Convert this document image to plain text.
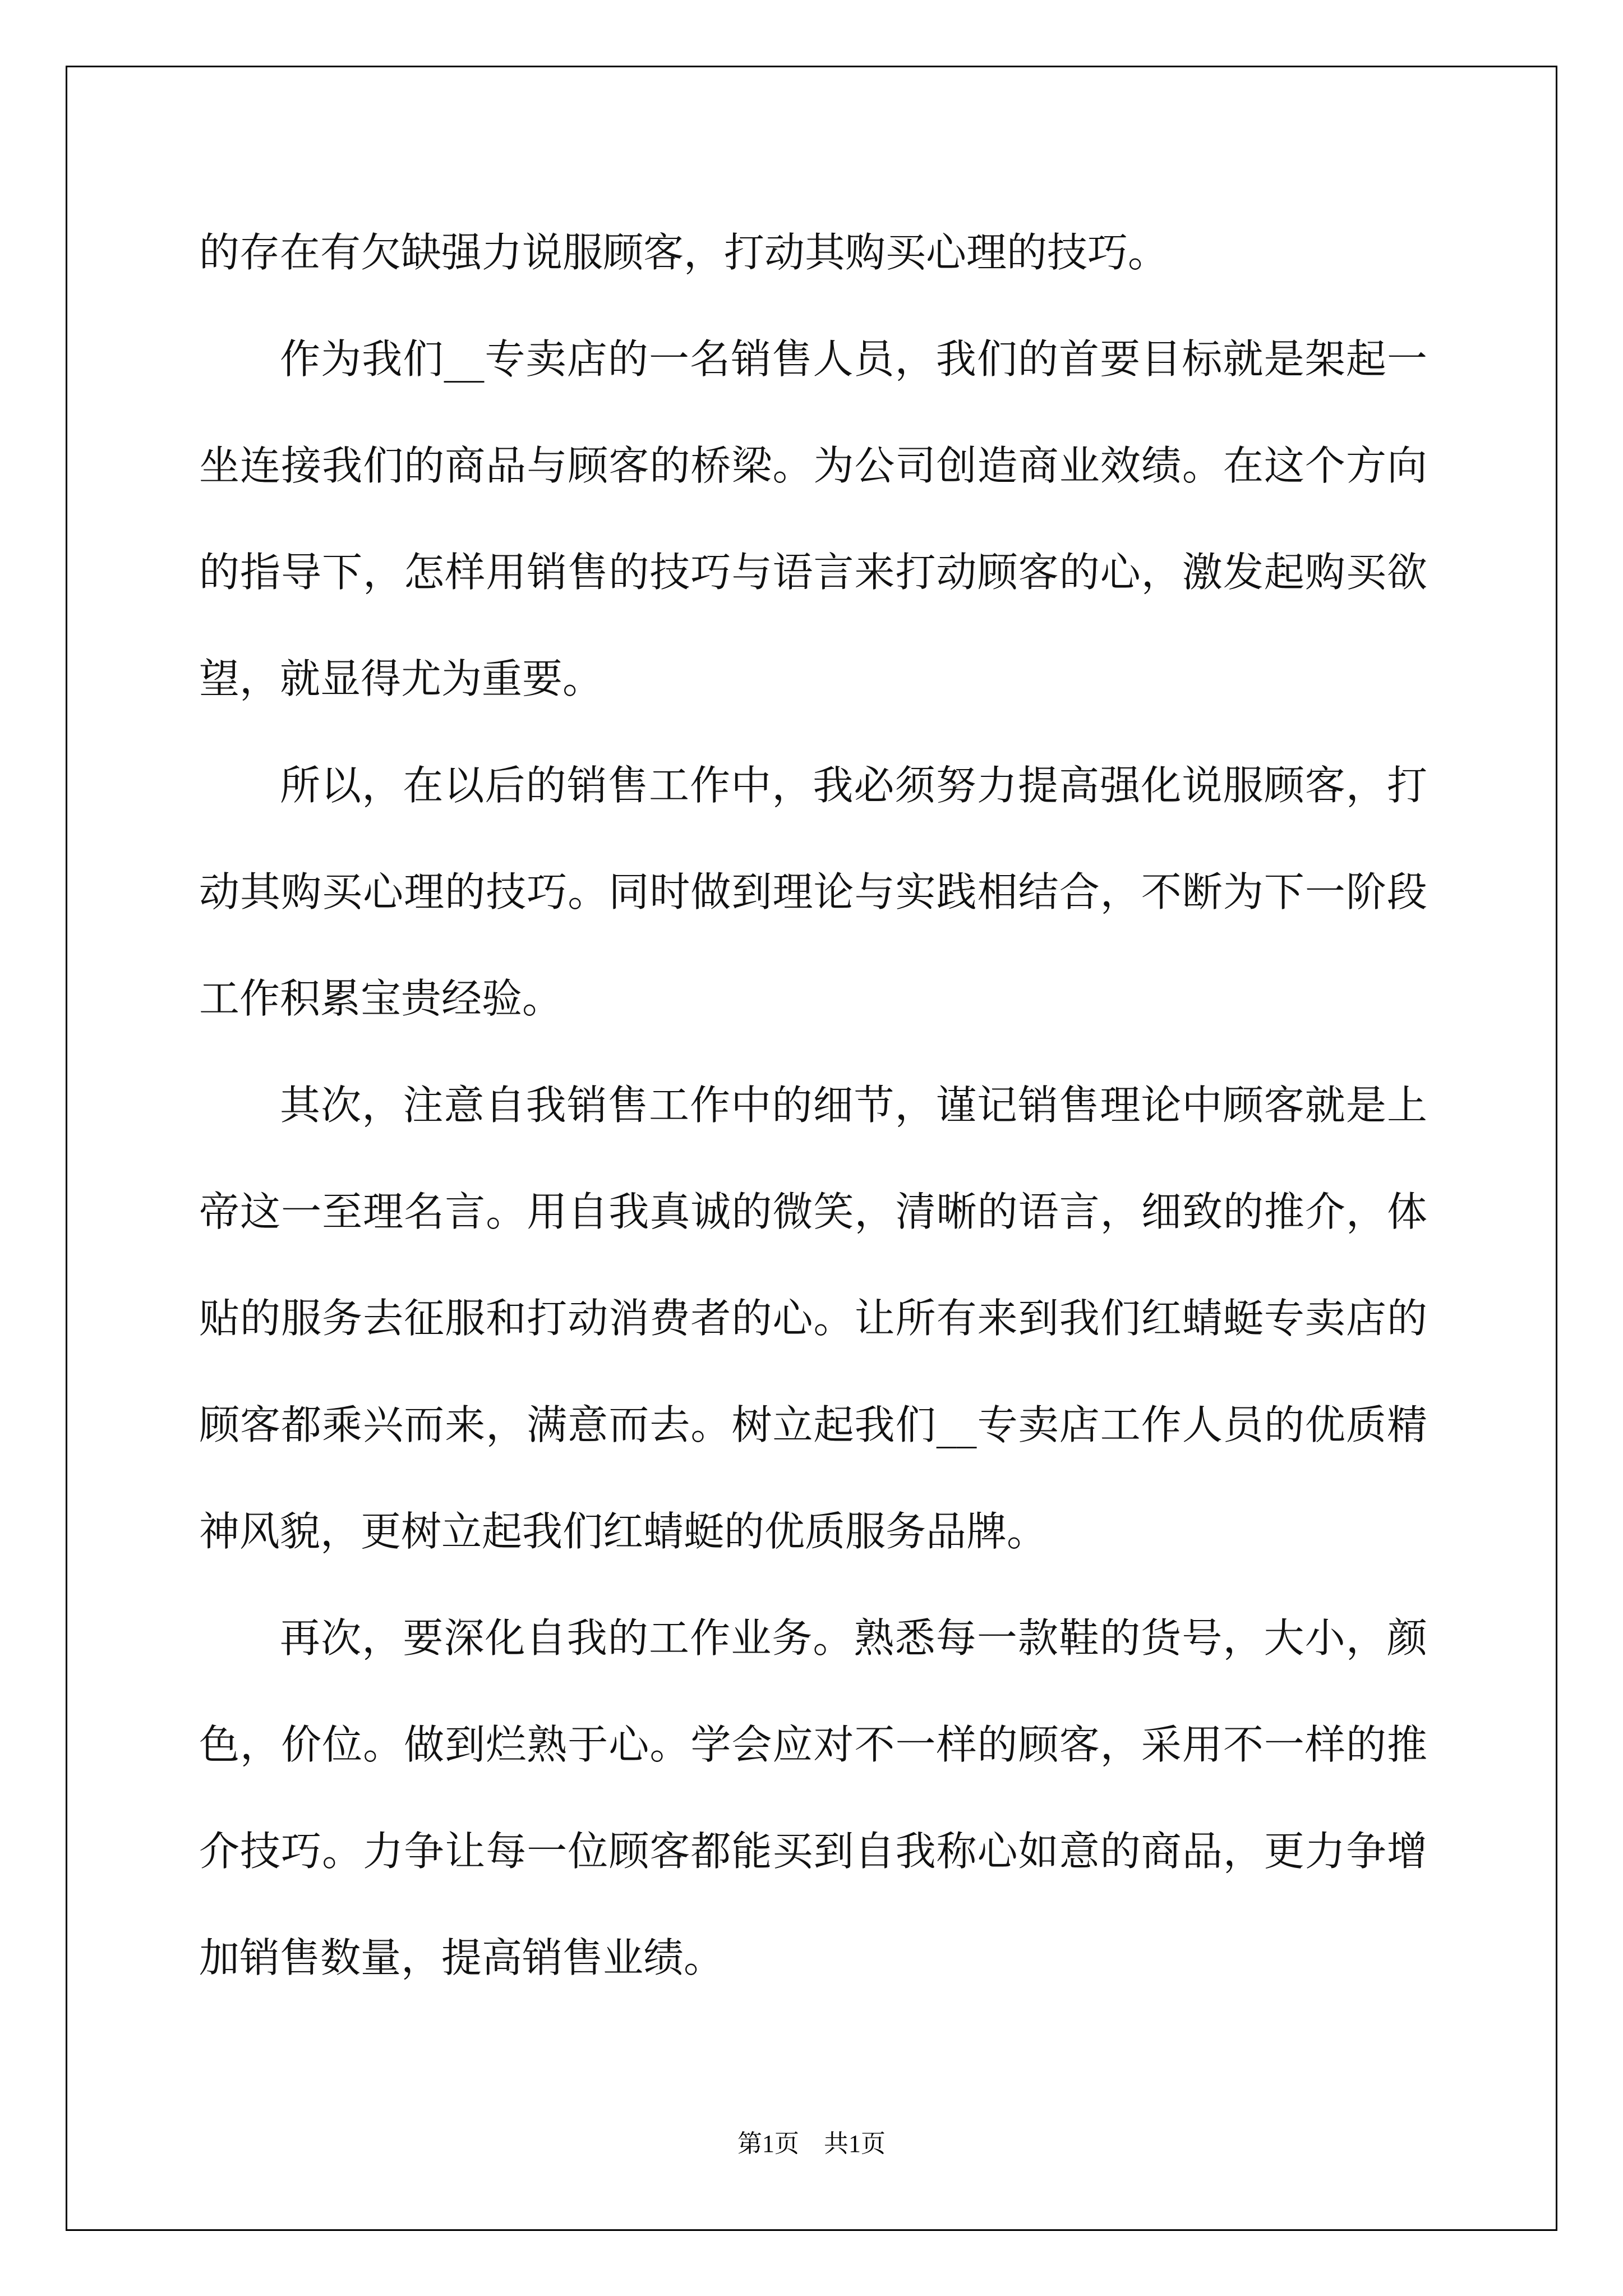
的存在有欠缺强力说服顾客，打动其购买心理的技巧。

作为我们__专卖店的一名销售人员，我们的首要目标就是架起一坐连接我们的商品与顾客的桥梁。为公司创造商业效绩。在这个方向的指导下，怎样用销售的技巧与语言来打动顾客的心，激发起购买欲望，就显得尤为重要。

所以，在以后的销售工作中，我必须努力提高强化说服顾客，打动其购买心理的技巧。同时做到理论与实践相结合，不断为下一阶段工作积累宝贵经验。

其次，注意自我销售工作中的细节，谨记销售理论中顾客就是上帝这一至理名言。用自我真诚的微笑，清晰的语言，细致的推介，体贴的服务去征服和打动消费者的心。让所有来到我们红蜻蜓专卖店的顾客都乘兴而来，满意而去。树立起我们__专卖店工作人员的优质精神风貌，更树立起我们红蜻蜓的优质服务品牌。

再次，要深化自我的工作业务。熟悉每一款鞋的货号，大小，颜色，价位。做到烂熟于心。学会应对不一样的顾客，采用不一样的推介技巧。力争让每一位顾客都能买到自我称心如意的商品，更力争增加销售数量，提高销售业绩。

第1页　共1页
